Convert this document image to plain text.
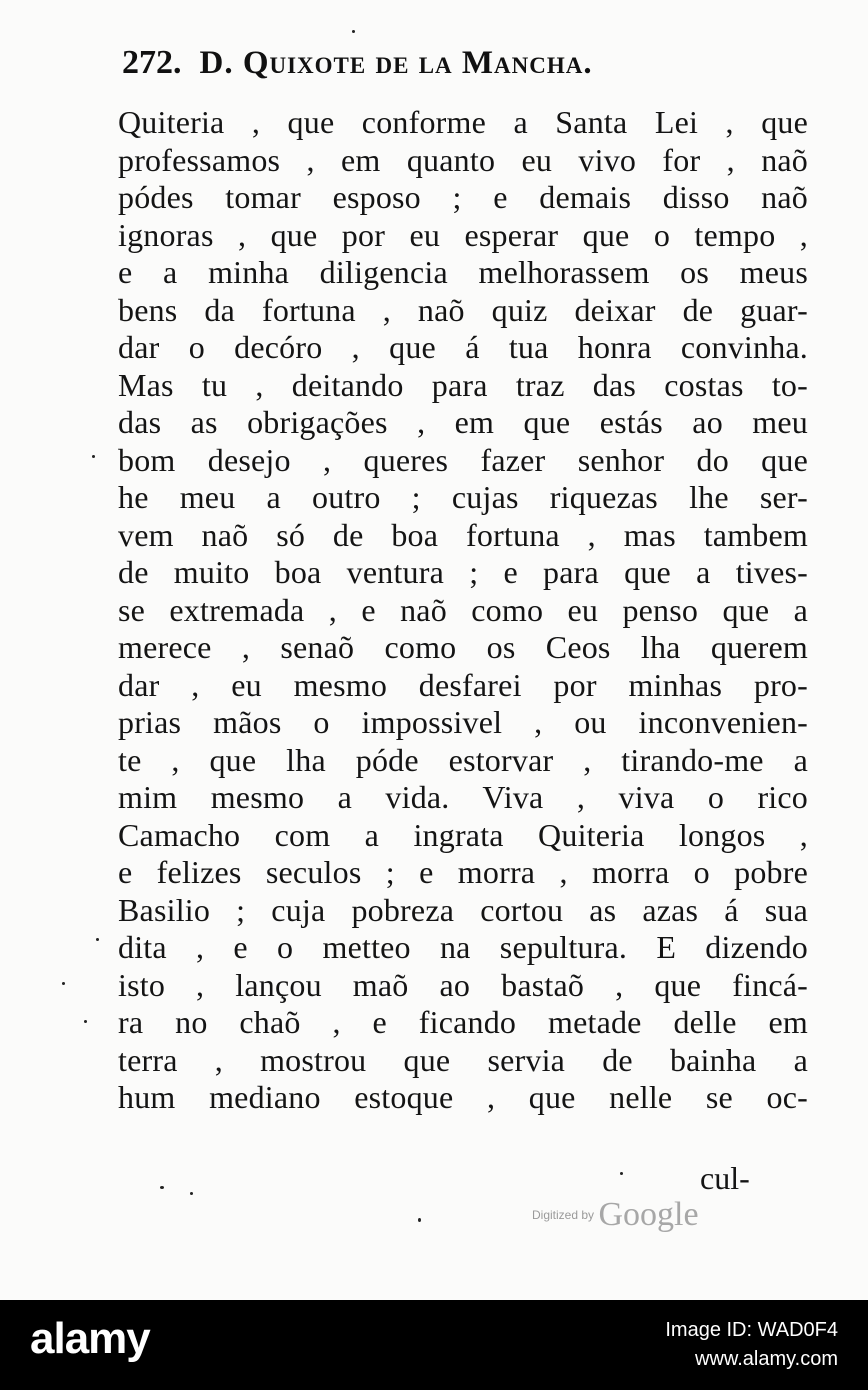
272. D. Quixote de la Mancha.
Quiteria , que conforme a Santa Lei , que
professamos , em quanto eu vivo for , naõ
pódes tomar esposo ; e demais disso naõ
ignoras , que por eu esperar que o tempo ,
e a minha diligencia melhorassem os meus
bens da fortuna , naõ quiz deixar de guar-
dar o decóro , que á tua honra convinha.
Mas tu , deitando para traz das costas to-
das as obrigações , em que estás ao meu
bom desejo , queres fazer senhor do que
he meu a outro ; cujas riquezas lhe ser-
vem naõ só de boa fortuna , mas tambem
de muito boa ventura ; e para que a tives-
se extremada , e naõ como eu penso que a
merece , senaõ como os Ceos lha querem
dar , eu mesmo desfarei por minhas pro-
prias mãos o impossivel , ou inconvenien-
te , que lha póde estorvar , tirando-me a
mim mesmo a vida. Viva , viva o rico
Camacho com a ingrata Quiteria longos ,
e felizes seculos ; e morra , morra o pobre
Basilio ; cuja pobreza cortou as azas á sua
dita , e o metteo na sepultura. E dizendo
isto , lançou maõ ao bastaõ , que fincá-
ra no chaõ , e ficando metade delle em
terra , mostrou que servia de bainha a
hum mediano estoque , que nelle se oc-
cul-
Digitized by Google
alamy	Image ID: WAD0F4
www.alamy.com
